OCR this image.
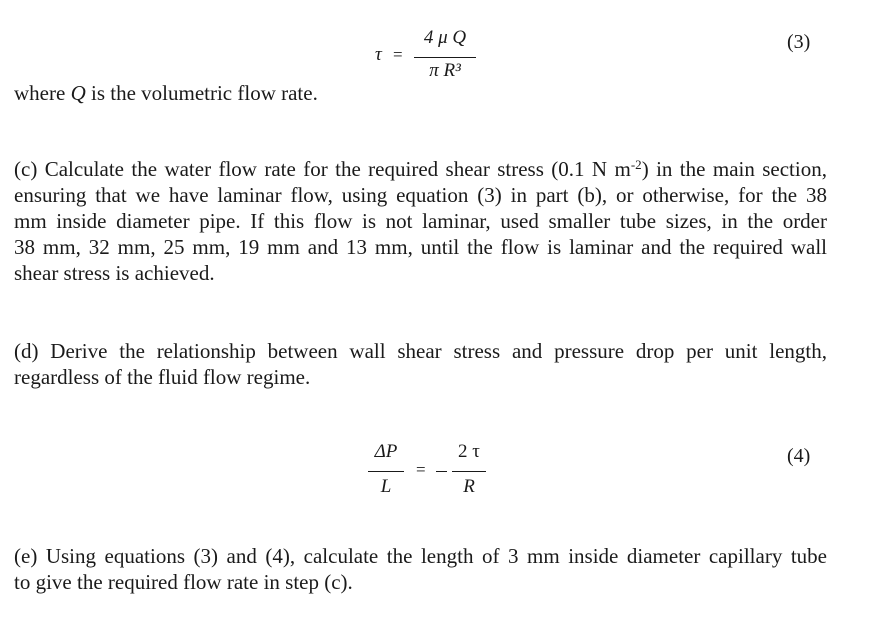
τ =
4 μ Q
π R³
(3)
where Q is the volumetric flow rate.
(c) Calculate the water flow rate for the required shear stress (0.1 N $m^{-2}$) in the main section,
ensuring that we have laminar flow, using equation (3) in part (b), or otherwise, for the 38
mm inside diameter pipe. If this flow is not laminar, used smaller tube sizes, in the order
38 mm, 32 mm, 25 mm, 19 mm and 13 mm, until the flow is laminar and the required wall
shear stress is achieved.
(d) Derive the relationship between wall shear stress and pressure drop per unit length,
regardless of the fluid flow regime.
ΔP
L
=
2 τ
R
(4)
(e) Using equations (3) and (4), calculate the length of 3 mm inside diameter capillary tube
to give the required flow rate in step (c).
